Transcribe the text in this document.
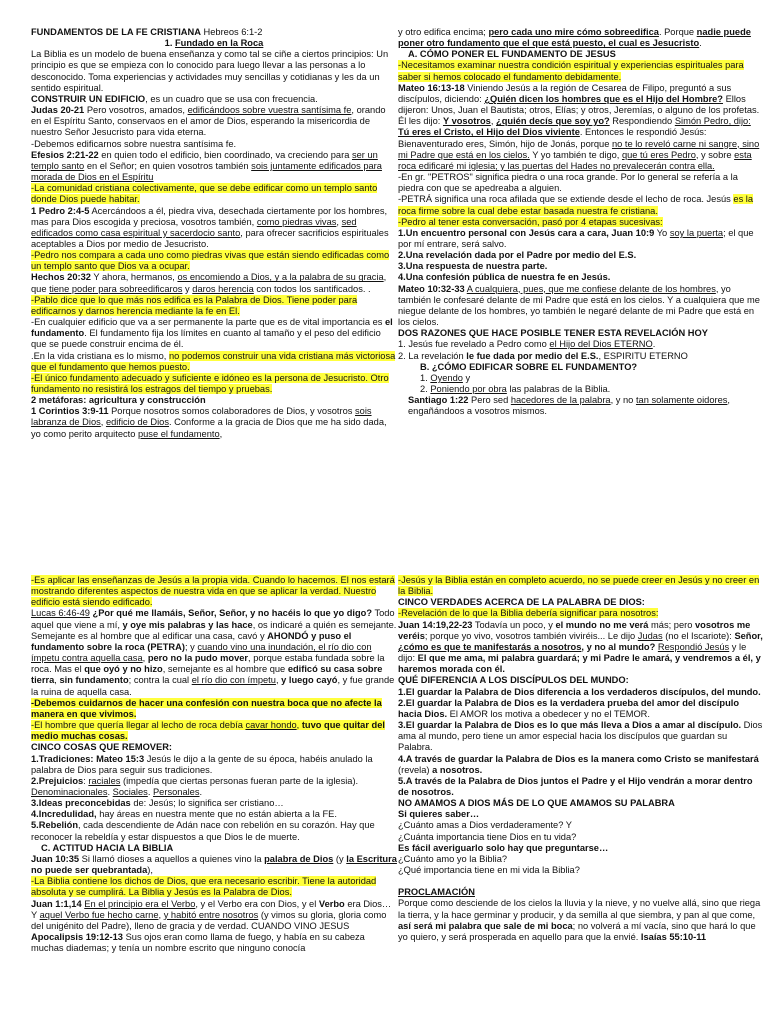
FUNDAMENTOS DE LA FE CRISTIANA Hebreos 6:1-2

1. Fundado en la Roca

La Biblia es un modelo de buena enseñanza y como tal se ciñe a ciertos principios: Un principio es que se empieza con lo conocido para luego llevar a las personas a lo desconocido. Toma experiencias y actividades muy sencillas y cotidianas y les da un sentido espiritual.

CONSTRUIR UN EDIFICIO, es un cuadro que se usa con frecuencia.

Judas 20-21 Pero vosotros, amados, edificándoos sobre vuestra santísima fe, orando en el Espíritu Santo, conservaos en el amor de Dios, esperando la misericordia de nuestro Señor Jesucristo para vida eterna.

-Debemos edificarnos sobre nuestra santísima fe.

Efesios 2:21-22 en quien todo el edificio, bien coordinado, va creciendo para ser un templo santo en el Señor; en quien vosotros también sois juntamente edificados para morada de Dios en el Espíritu

-La comunidad cristiana colectivamente, que se debe edificar como un templo santo donde Dios puede habitar.

1 Pedro 2:4-5 Acercándoos a él, piedra viva, desechada ciertamente por los hombres, mas para Dios escogida y preciosa, vosotros también, como piedras vivas, sed edificados como casa espiritual y sacerdocio santo, para ofrecer sacrificios espirituales aceptables a Dios por medio de Jesucristo.

-Pedro nos compara a cada uno como piedras vivas que están siendo edificadas como un templo santo que Dios va a ocupar.

Hechos 20:32 Y ahora, hermanos, os encomiendo a Dios, y a la palabra de su gracia, que tiene poder para sobreedificaros y daros herencia con todos los santificados. .

-Pablo dice que lo que más nos edifica es la Palabra de Dios. Tiene poder para edificarnos y darnos herencia mediante la fe en El.

-En cualquier edificio que va a ser permanente la parte que es de vital importancia es el fundamento. El fundamento fija los límites en cuanto al tamaño y el peso del edificio que se puede construir encima de él.

.En la vida cristiana es lo mismo, no podemos construir una vida cristiana más victoriosa que el fundamento que hemos puesto.

-El único fundamento adecuado y suficiente e idóneo es la persona de Jesucristo. Otro fundamento no resistirá los estragos del tiempo y pruebas.

2 metáforas: agricultura y construcción

1 Corintios 3:9-11 Porque nosotros somos colaboradores de Dios, y vosotros sois labranza de Dios, edificio de Dios. Conforme a la gracia de Dios que me ha sido dada, yo como perito arquitecto puse el fundamento,

y otro edifica encima; pero cada uno mire cómo sobreedifica. Porque nadie puede poner otro fundamento que el que está puesto, el cual es Jesucristo.

A. CÓMO PONER EL FUNDAMENTO DE JESUS

-Necesitamos examinar nuestra condición espiritual y experiencias espirituales para saber si hemos colocado el fundamento debidamente.

Mateo 16:13-18 Viniendo Jesús a la región de Cesarea de Filipo, preguntó a sus discípulos, diciendo: ¿Quién dicen los hombres que es el Hijo del Hombre? Ellos dijeron: Unos, Juan el Bautista; otros, Elías; y otros, Jeremías, o alguno de los profetas. Él les dijo: Y vosotros, ¿quién decís que soy yo? Respondiendo Simón Pedro, dijo: Tú eres el Cristo, el Hijo del Dios viviente. Entonces le respondió Jesús: Bienaventurado eres, Simón, hijo de Jonás, porque no te lo reveló carne ni sangre, sino mi Padre que está en los cielos. Y yo también te digo, que tú eres Pedro, y sobre esta roca edificaré mi iglesia; y las puertas del Hades no prevalecerán contra ella.

-En gr. "PETROS" significa piedra o una roca grande. Por lo general se refería a la piedra con que se apedreaba a alguien.

-PETRÁ significa una roca afilada que se extiende desde el lecho de roca. Jesús es la roca firme sobre la cual debe estar basada nuestra fe cristiana.

-Pedro al tener esta conversación, pasó por 4 etapas sucesivas:

1.Un encuentro personal con Jesús cara a cara, Juan 10:9 Yo soy la puerta; el que por mí entrare, será salvo.

2.Una revelación dada por el Padre por medio del E.S.

3.Una respuesta de nuestra parte.

4.Una confesión pública de nuestra fe en Jesús.

Mateo 10:32-33 A cualquiera, pues, que me confiese delante de los hombres, yo también le confesaré delante de mi Padre que está en los cielos. Y a cualquiera que me niegue delante de los hombres, yo también le negaré delante de mi Padre que está en los cielos.

DOS RAZONES QUE HACE POSIBLE TENER ESTA REVELACIÓN HOY

1. Jesús fue revelado a Pedro como el Hijo del Dios ETERNO.

2. La revelación le fue dada por medio del E.S., ESPIRITU ETERNO

B. ¿CÓMO EDIFICAR SOBRE EL FUNDAMENTO?

1. Oyendo y

2. Poniendo por obra las palabras de la Biblia.

Santiago 1:22 Pero sed hacedores de la palabra, y no tan solamente oidores, engañándoos a vosotros mismos.

-Es aplicar las enseñanzas de Jesús a la propia vida. Cuando lo hacemos. El nos estará mostrando diferentes aspectos de nuestra vida en que se aplicar la verdad. Nuestro edificio está siendo edificado.

Lucas 6:46-49 ¿Por qué me llamáis, Señor, Señor, y no hacéis lo que yo digo? Todo aquel que viene a mí, y oye mis palabras y las hace, os indicaré a quién es semejante. Semejante es al hombre que al edificar una casa, cavó y AHONDÓ y puso el fundamento sobre la roca (PETRA); y cuando vino una inundación, el río dio con ímpetu contra aquella casa, pero no la pudo mover, porque estaba fundada sobre la roca. Mas el que oyó y no hizo, semejante es al hombre que edificó su casa sobre tierra, sin fundamento; contra la cual el río dio con ímpetu, y luego cayó, y fue grande la ruina de aquella casa.

-Debemos cuidarnos de hacer una confesión con nuestra boca que no afecte la manera en que vivimos.

-El hombre que quería llegar al lecho de roca debía cavar hondo, tuvo que quitar del medio muchas cosas.

CINCO COSAS QUE REMOVER:

1.Tradiciones: Mateo 15:3 Jesús le dijo a la gente de su época, habéis anulado la palabra de Dios para seguir sus tradiciones.

2.Prejuicios: raciales (impedía que ciertas personas fueran parte de la iglesia). Denominacionales. Sociales. Personales.

3.Ideas preconcebidas de: Jesús; lo significa ser cristiano…

4.Incredulidad, hay áreas en nuestra mente que no están abierta a la FE.

5.Rebelión, cada descendiente de Adán nace con rebelión en su corazón. Hay que reconocer la rebeldía y estar dispuestos a que Dios le de muerte.

C. ACTITUD HACIA LA BIBLIA

Juan 10:35 Si llamó dioses a aquellos a quienes vino la palabra de Dios (y la Escritura no puede ser quebrantada),

-La Biblia contiene los dichos de Dios, que era necesario escribir. Tiene la autoridad absoluta y se cumplirá. La Biblia y Jesús es la Palabra de Dios.

Juan 1:1,14 En el principio era el Verbo, y el Verbo era con Dios, y el Verbo era Dios…Y aquel Verbo fue hecho carne, y habitó entre nosotros (y vimos su gloria, gloria como del unigénito del Padre), lleno de gracia y de verdad. CUANDO VINO JESUS

Apocalipsis 19:12-13 Sus ojos eran como llama de fuego, y había en su cabeza muchas diademas; y tenía un nombre escrito que ninguno conocía

-Jesús y la Biblia están en completo acuerdo, no se puede creer en Jesús y no creer en la Biblia.

CINCO VERDADES ACERCA DE LA PALABRA DE DIOS:

-Revelación de lo que la Biblia debería significar para nosotros:

Juan 14:19,22-23 Todavía un poco, y el mundo no me verá más; pero vosotros me veréis; porque yo vivo, vosotros también viviréis... Le dijo Judas (no el Iscariote): Señor, ¿cómo es que te manifestarás a nosotros, y no al mundo? Respondió Jesús y le dijo: El que me ama, mi palabra guardará; y mi Padre le amará, y vendremos a él, y haremos morada con él.

QUÉ DIFERENCIA A LOS DISCÍPULOS DEL MUNDO:

1.El guardar la Palabra de Dios diferencia a los verdaderos discípulos, del mundo.

2.El guardar la Palabra de Dios es la verdadera prueba del amor del discípulo hacia Dios. El AMOR los motiva a obedecer y no el TEMOR.

3.El guardar la Palabra de Dios es lo que más lleva a Dios a amar al discípulo. Dios ama al mundo, pero tiene un amor especial hacia los discípulos que guardan su Palabra.

4.A través de guardar la Palabra de Dios es la manera como Cristo se manifestará (revela) a nosotros.

5.A través de la Palabra de Dios juntos el Padre y el Hijo vendrán a morar dentro de nosotros.

NO AMAMOS A DIOS MÁS DE LO QUE AMAMOS SU PALABRA

Si quieres saber…

¿Cuánto amas a Dios verdaderamente? Y

¿Cuánta importancia tiene Dios en tu vida?

Es fácil averiguarlo solo hay que preguntarse…

¿Cuánto amo yo la Biblia?

¿Qué importancia tiene en mi vida la Biblia?

PROCLAMACIÓN

Porque como desciende de los cielos la lluvia y la nieve, y no vuelve allá, sino que riega la tierra, y la hace germinar y producir, y da semilla al que siembra, y pan al que come, así será mi palabra que sale de mi boca; no volverá a mí vacía, sino que hará lo que yo quiero, y será prosperada en aquello para que la envié. Isaías 55:10-11
